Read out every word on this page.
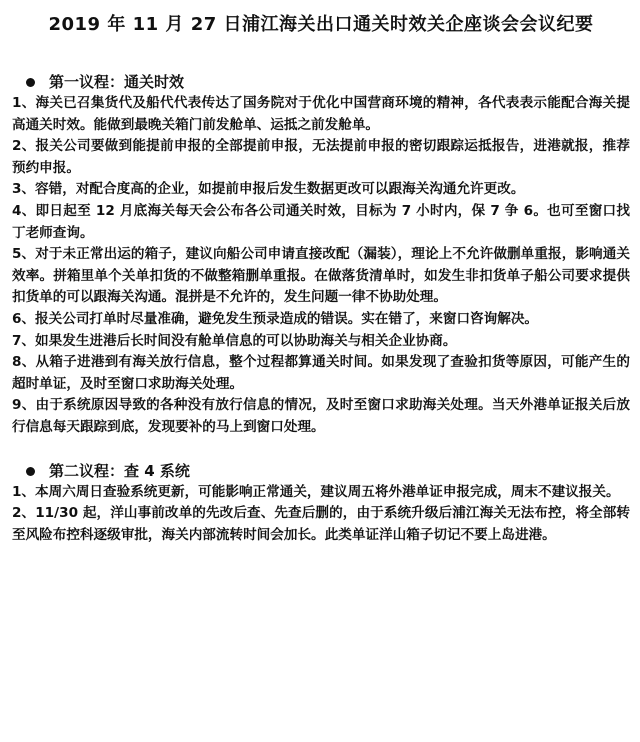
2019 年 11 月 27 日浦江海关出口通关时效关企座谈会会议纪要
第一议程：通关时效

1、海关已召集货代及船代代表传达了国务院对于优化中国营商环境的精神，各代表表示能配合海关提高通关时效。能做到最晚关箱门前发舱单、运抵之前发舱单。

2、报关公司要做到能提前申报的全部提前申报，无法提前申报的密切跟踪运抵报告，进港就报，推荐预约申报。

3、容错，对配合度高的企业，如提前申报后发生数据更改可以跟海关沟通允许更改。

4、即日起至 12 月底海关每天会公布各公司通关时效，目标为 7 小时内，保 7 争 6。也可至窗口找丁老师查询。

5、对于未正常出运的箱子，建议向船公司申请直接改配（漏装），理论上不允许做删单重报，影响通关效率。拼箱里单个关单扣货的不做整箱删单重报。在做落货清单时，如发生非扣货单子船公司要求提供扣货单的可以跟海关沟通。混拼是不允许的，发生问题一律不协助处理。

6、报关公司打单时尽量准确，避免发生预录造成的错误。实在错了，来窗口咨询解决。

7、如果发生进港后长时间没有舱单信息的可以协助海关与相关企业协商。

8、从箱子进港到有海关放行信息，整个过程都算通关时间。如果发现了查验扣货等原因，可能产生的超时单证，及时至窗口求助海关处理。

9、由于系统原因导致的各种没有放行信息的情况，及时至窗口求助海关处理。当天外港单证报关后放行信息每天跟踪到底，发现要补的马上到窗口处理。

第二议程：查 4 系统

1、本周六周日查验系统更新，可能影响正常通关，建议周五将外港单证申报完成，周末不建议报关。

2、11/30 起，洋山事前改单的先改后查、先查后删的，由于系统升级后浦江海关无法布控，将全部转至风险布控科逐级审批，海关内部流转时间会加长。此类单证洋山箱子切记不要上岛进港。
